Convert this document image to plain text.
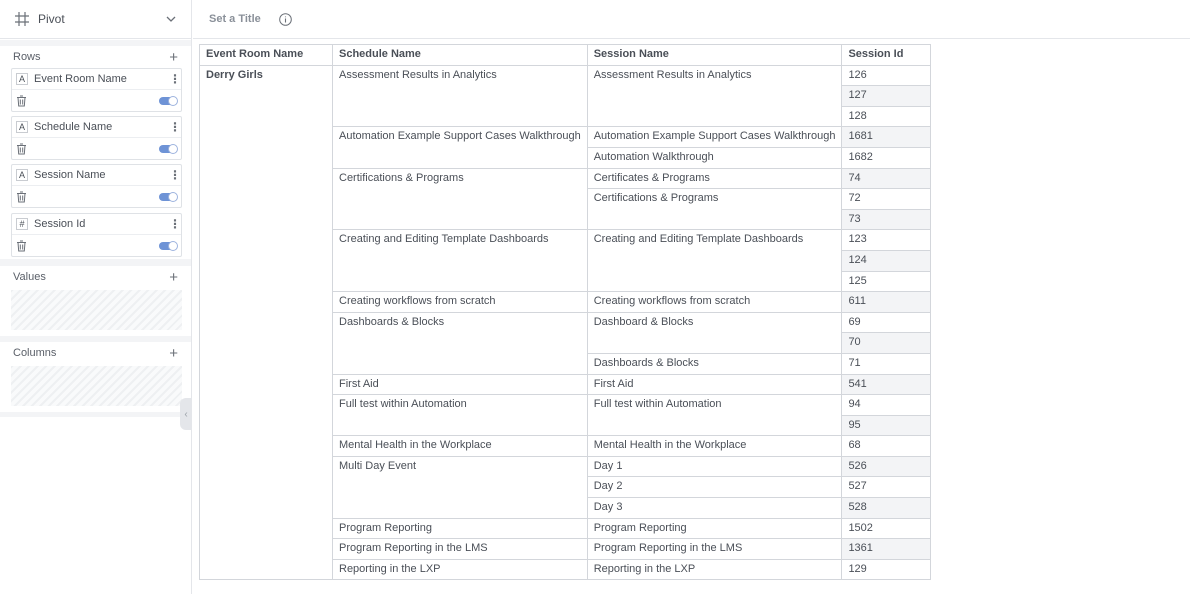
Pivot
Rows	+
A Event Room Name	⋮
A Schedule Name	⋮
A Session Name	⋮
# Session Id	⋮
Values	+
Columns	+
‹
Set a Title
Event Room Name	Schedule Name	Session Name	Session Id
Derry Girls	Assessment Results in Analytics	Assessment Results in Analytics	126
			127
			128
	Automation Example Support Cases Walkthrough	Automation Example Support Cases Walkthrough	1681
		Automation Walkthrough	1682
	Certifications & Programs	Certificates & Programs	74
		Certifications & Programs	72
			73
	Creating and Editing Template Dashboards	Creating and Editing Template Dashboards	123
			124
			125
	Creating workflows from scratch	Creating workflows from scratch	611
	Dashboards & Blocks	Dashboard & Blocks	69
			70
		Dashboards & Blocks	71
	First Aid	First Aid	541
	Full test within Automation	Full test within Automation	94
			95
	Mental Health in the Workplace	Mental Health in the Workplace	68
	Multi Day Event	Day 1	526
		Day 2	527
		Day 3	528
	Program Reporting	Program Reporting	1502
	Program Reporting in the LMS	Program Reporting in the LMS	1361
	Reporting in the LXP	Reporting in the LXP	129
